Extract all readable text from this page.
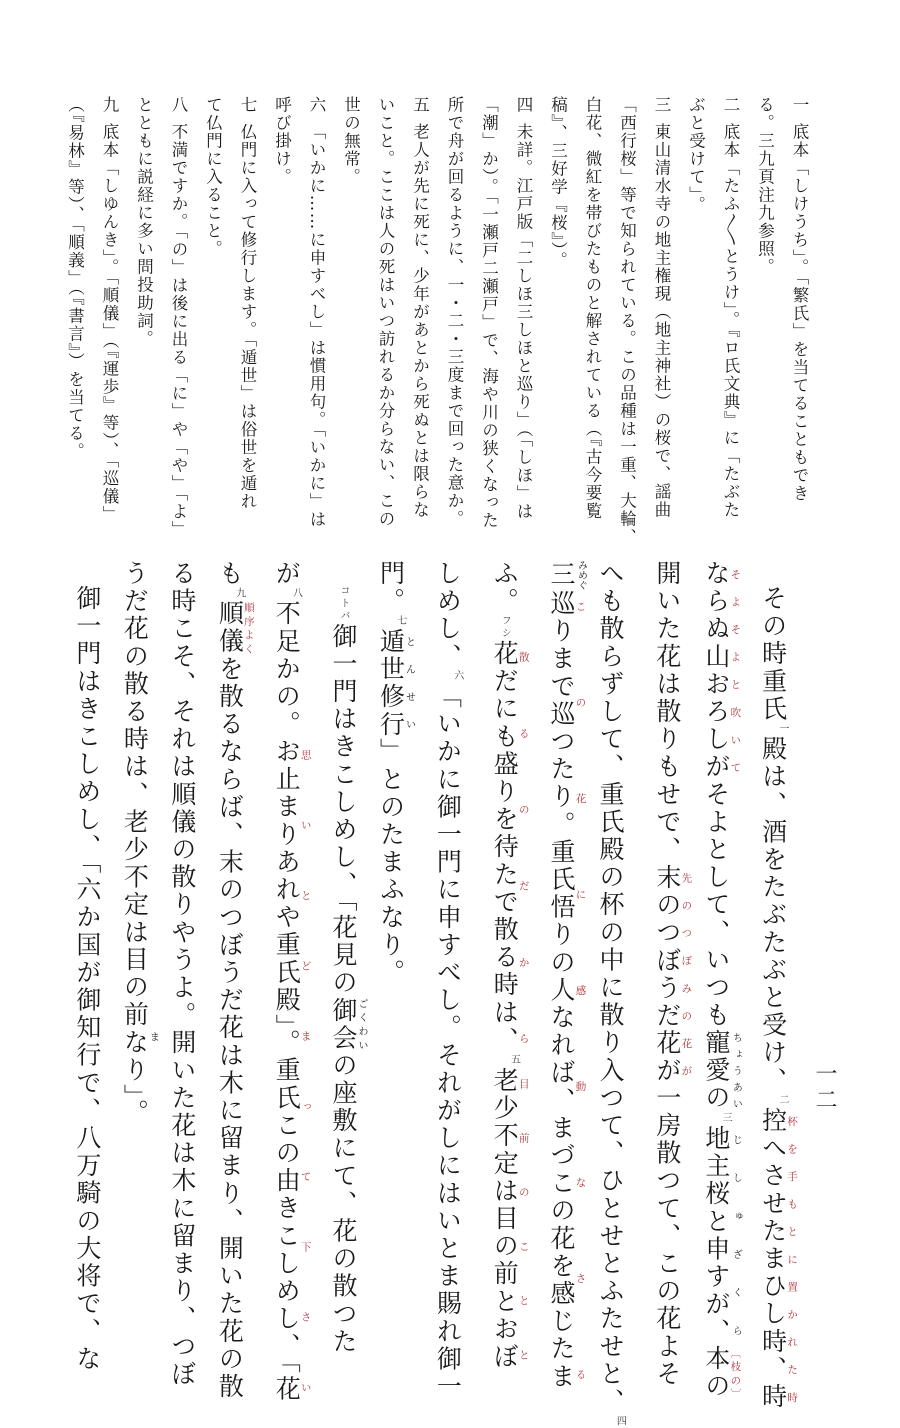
一 底本「しけうち」。「繁氏」を当てることもでき
る。三九頁注九参照。
二 底本「たふ〳〵とうけ」。『ロ氏文典』に「たぶた
ぶと受けて」。
三 東山清水寺の地主権現（地主神社）の桜で、謡曲
「西行桜」等で知られている。この品種は一重、大輪、
白花、微紅を帯びたものと解されている（『古今要覧
稿』、三好学『桜』）。
四 未詳。江戸版「二しほ三しほと巡り」（「しほ」は
「潮」か）。「一瀬戸二瀬戸」で、海や川の狭くなった
所で舟が回るように、一・二・三度まで回った意か。
五 老人が先に死に、少年があとから死ぬとは限らな
いこと。ここは人の死はいつ訪れるか分らない、この
世の無常。
六 「いかに……に申すべし」は慣用句。「いかに」は
呼び掛け。
七 仏門に入って修行します。「遁世」は俗世を遁れ
て仏門に入ること。
八 不満ですか。「の」は後に出る「に」や「や」「よ」
とともに説経に多い問投助詞。
九 底本「しゆんき」。「順儀」（『運歩』等）、「巡儀」
（『易林』等）、「順義」（『書言』）を当てる。
その時重氏$^一$殿は、酒をたぶたぶと受け、$^二$控へさせたまひし時、時杯を手もとに置かれた時
ならぬ山おろしがそよそよと吹いてそよとして、いつも寵愛の ちょうあい$^三$地主桜と申すが、 じしゅざくら本の〔枝の〕
開いた花は散りもせで、末のつぼうだ花が先のつぼみの花が一房散つて、この花よそ
へも散らずして、重氏殿の杯の中に散り入つて、ひとせとふたせと、$^四$
三 みめぐ巡りまで巡つたり。重氏悟りの人なれば、まづこの花を感じたまこの花に感動なさる
ふ。フシ花だにも盛りを待たで散る時は、散るのだから$^五$老少不定は目の前とおぼ目前のことと
しめし、$^六$「いかに御一門に申すべし。それがしにはいとま賜れ御一
門。$^七$遁世修行とんせい」とのたまふなり。
コトバ御一門はきこしめし、「花見の御会ごくわいの座敷にて、花の散つた
が$^八$不足かの。お止まりあれや重氏殿」。重氏この由きこしめし、「花思いとどまって下さい
も$^九$順儀順序よくを散るならば、末のつぼうだ花は木に留まり、開いた花の散
る時こそ、それは順儀の散りやうよ。開いた花は木に留まり、つぼ
うだ花の散る時は、老少不定は目の前なり」。ま
御一門はきこしめし、「六か国が御知行で、八万騎の大将で、な	一二
